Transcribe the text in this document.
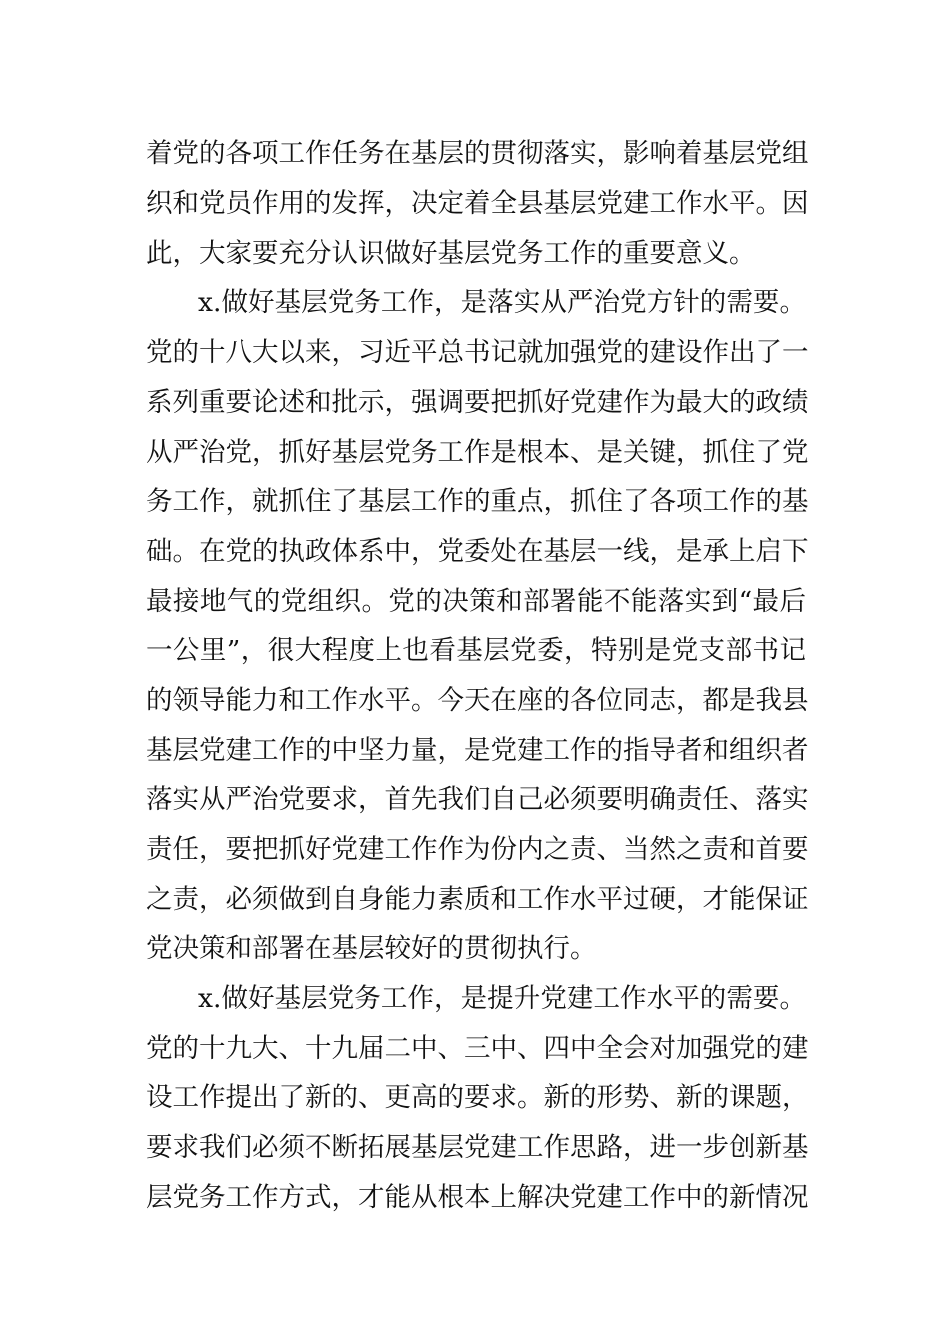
着党的各项工作任务在基层的贯彻落实，影响着基层党组
织和党员作用的发挥，决定着全县基层党建工作水平。因
此，大家要充分认识做好基层党务工作的重要意义。
x.做好基层党务工作，是落实从严治党方针的需要。
党的十八大以来，习近平总书记就加强党的建设作出了一
系列重要论述和批示，强调要把抓好党建作为最大的政绩
从严治党，抓好基层党务工作是根本、是关键，抓住了党
务工作，就抓住了基层工作的重点，抓住了各项工作的基
础。在党的执政体系中，党委处在基层一线，是承上启下
最接地气的党组织。党的决策和部署能不能落实到“最后
一公里”，很大程度上也看基层党委，特别是党支部书记
的领导能力和工作水平。今天在座的各位同志，都是我县
基层党建工作的中坚力量，是党建工作的指导者和组织者
落实从严治党要求，首先我们自己必须要明确责任、落实
责任，要把抓好党建工作作为份内之责、当然之责和首要
之责，必须做到自身能力素质和工作水平过硬，才能保证
党决策和部署在基层较好的贯彻执行。
x.做好基层党务工作，是提升党建工作水平的需要。
党的十九大、十九届二中、三中、四中全会对加强党的建
设工作提出了新的、更高的要求。新的形势、新的课题，
要求我们必须不断拓展基层党建工作思路，进一步创新基
层党务工作方式，才能从根本上解决党建工作中的新情况
